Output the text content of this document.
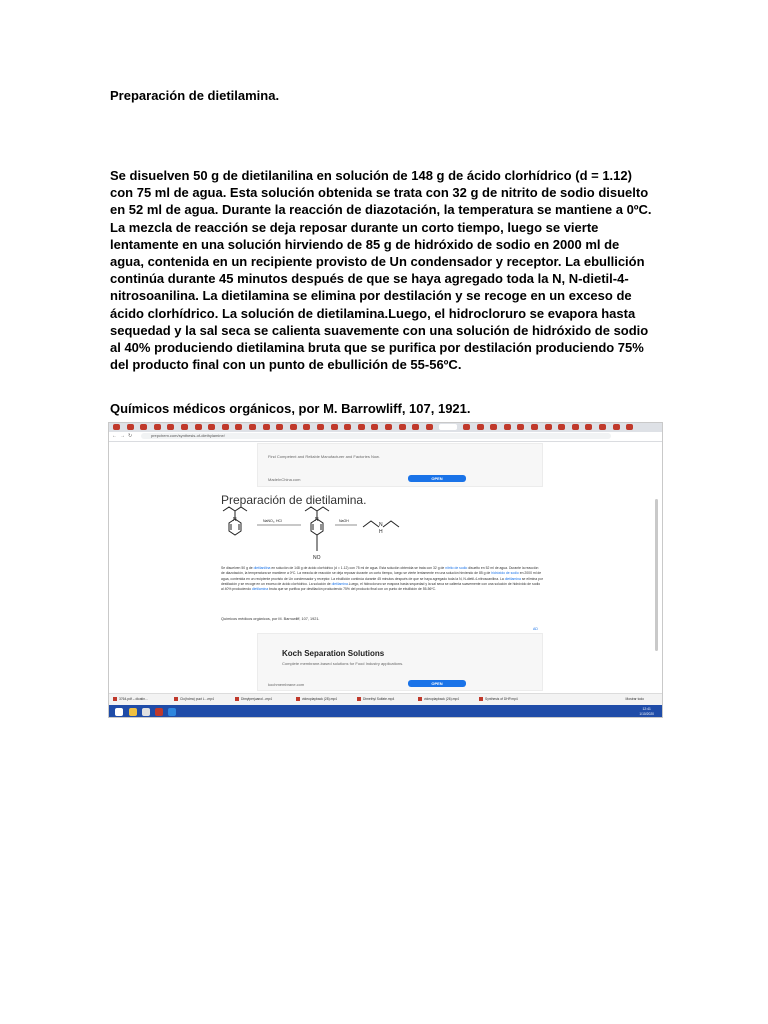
Preparación de dietilamina.
Se disuelven 50 g de dietilanilina en solución de 148 g de ácido clorhídrico (d = 1.12) con 75 ml de agua. Esta solución obtenida se trata con 32 g de nitrito de sodio disuelto en 52 ml de agua. Durante la reacción de diazotación, la temperatura se mantiene a 0ºC. La mezcla de reacción se deja reposar durante un corto tiempo, luego se vierte lentamente en una solución hirviendo de 85 g de hidróxido de sodio en 2000 ml de agua, contenida en un recipiente provisto de Un condensador y receptor. La ebullición continúa durante 45 minutos después de que se haya agregado toda la N, N-dietil-4-nitrosoanilina. La dietilamina se elimina por destilación y se recoge en un exceso de ácido clorhídrico. La solución de dietilamina.Luego, el hidrocloruro se evapora hasta sequedad y la sal seca se calienta suavemente con una solución de hidróxido de sodio al 40% produciendo dietilamina bruta que se purifica por destilación produciendo 75% del producto final con un punto de ebullición de 55-56ºC.
Químicos médicos orgánicos, por M. Barrowliff, 107, 1921.
← → ↻	prepchem.com/synthesis-of-diethylamine/
Find Competent and Reliable Manufacturer and Factories Now.
MadeInChina.com	OPEN
Preparación de dietilamina.
N	NaNO₂, HCl	N
NO
NaOH
N
H
Se disuelven 50 g de dietilanilina en solución de 148 g de ácido clorhídrico (d = 1.12) con 75 ml de agua. Esta solución obtenida se trata con 32 g de nitrito de sodio disuelto en 52 ml de agua. Durante la reacción de diazotación, la temperatura se mantiene a 0ºC. La mezcla de reacción se deja reposar durante un corto tiempo, luego se vierte lentamente en una solución hirviendo de 85 g de hidróxido de sodio en 2000 ml de agua, contenida en un recipiente provisto de Un condensador y receptor. La ebullición continúa durante 45 minutos después de que se haya agregado toda la N, N-dietil-4-nitrosoanilina. La dietilamina se elimina por destilación y se recoge en un exceso de ácido clorhídrico. La solución de dietilamina.Luego, el hidrocloruro se evapora hasta sequedad y la sal seca se calienta suavemente con una solución de hidróxido de sodio al 40% produciendo dietilamina bruta que se purifica por destilación produciendo 75% del producto final con un punto de ebullición de 55-56ºC.
Químicos médicos orgánicos, por M. Barrowliff, 107, 1921.
AD
Koch Separation Solutions
Complete membrane-based solutions for Food Industry applications.
kochmembrane.com	OPEN
Mostrar todo
3764.pdf – dicatin...	Clo(hdrra) puct L...mp4	Dimylperjuanol...mp4	videoplayback (28).mp4	Dimethyl Sulfate.mp4	videoplayback (26).mp4	Synthesis of DHP.mp4
12:41
1/10/2020
